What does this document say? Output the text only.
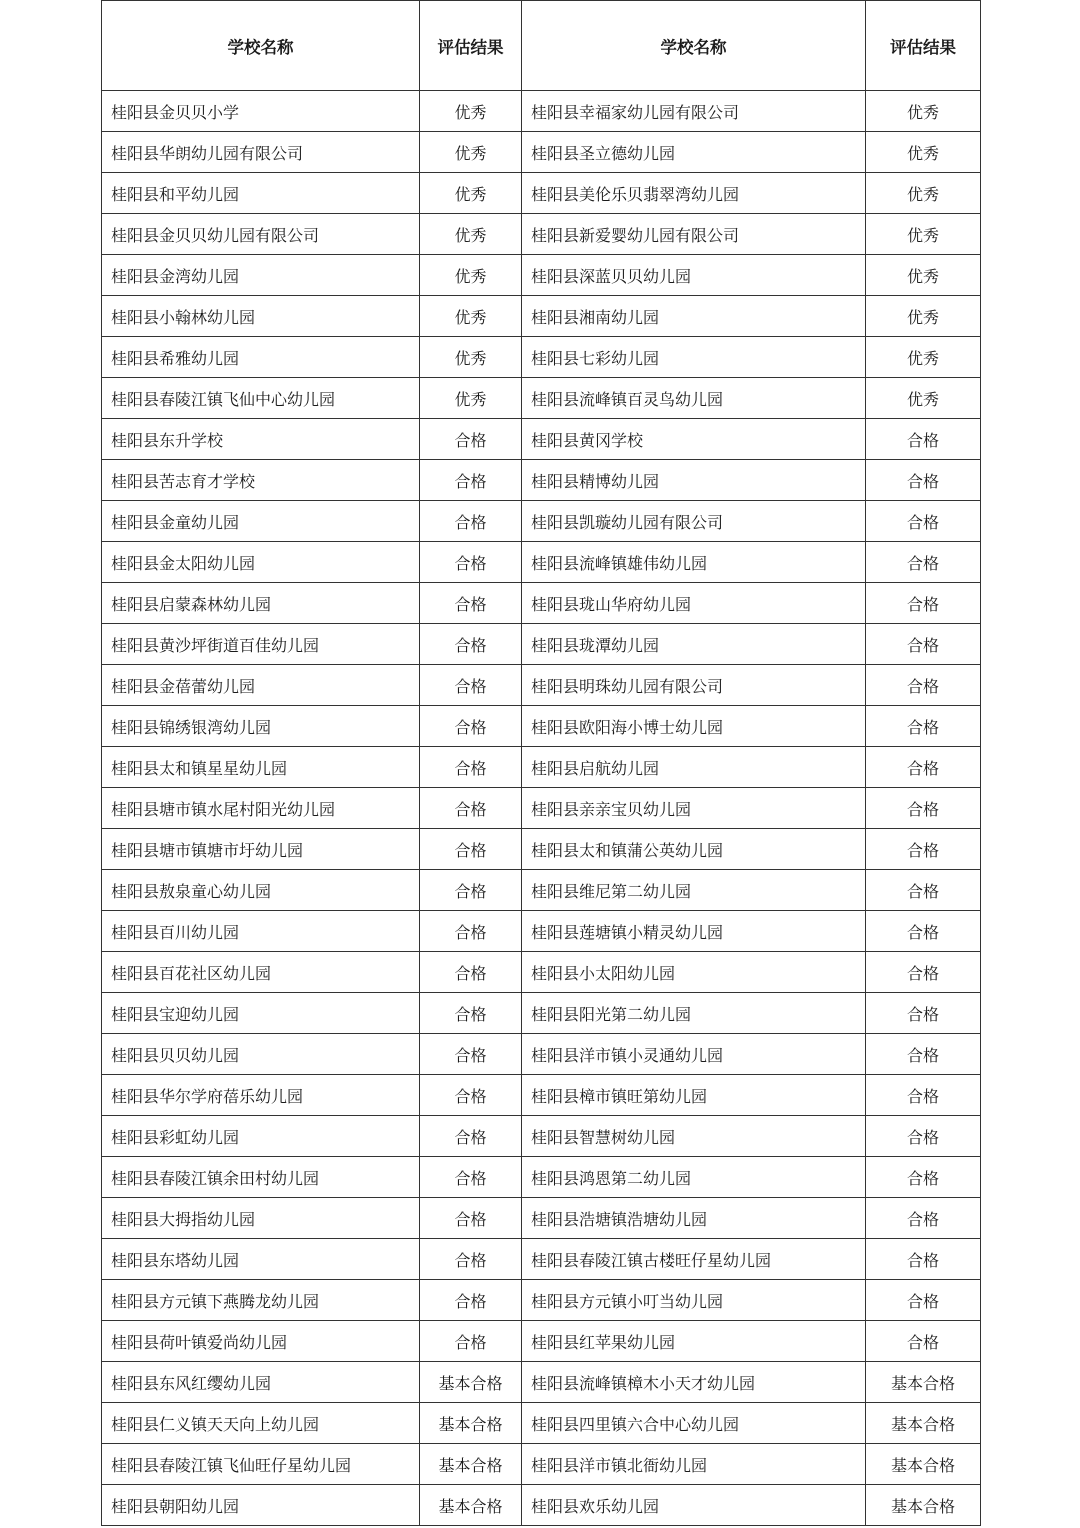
学校名称	评估结果	学校名称	评估结果
桂阳县金贝贝小学	优秀	桂阳县幸福家幼儿园有限公司	优秀
桂阳县华朗幼儿园有限公司	优秀	桂阳县圣立德幼儿园	优秀
桂阳县和平幼儿园	优秀	桂阳县美伦乐贝翡翠湾幼儿园	优秀
桂阳县金贝贝幼儿园有限公司	优秀	桂阳县新爱婴幼儿园有限公司	优秀
桂阳县金湾幼儿园	优秀	桂阳县深蓝贝贝幼儿园	优秀
桂阳县小翰林幼儿园	优秀	桂阳县湘南幼儿园	优秀
桂阳县希雅幼儿园	优秀	桂阳县七彩幼儿园	优秀
桂阳县春陵江镇飞仙中心幼儿园	优秀	桂阳县流峰镇百灵鸟幼儿园	优秀
桂阳县东升学校	合格	桂阳县黄冈学校	合格
桂阳县苦志育才学校	合格	桂阳县精博幼儿园	合格
桂阳县金童幼儿园	合格	桂阳县凯璇幼儿园有限公司	合格
桂阳县金太阳幼儿园	合格	桂阳县流峰镇雄伟幼儿园	合格
桂阳县启蒙森林幼儿园	合格	桂阳县珑山华府幼儿园	合格
桂阳县黄沙坪街道百佳幼儿园	合格	桂阳县珑潭幼儿园	合格
桂阳县金蓓蕾幼儿园	合格	桂阳县明珠幼儿园有限公司	合格
桂阳县锦绣银湾幼儿园	合格	桂阳县欧阳海小博士幼儿园	合格
桂阳县太和镇星星幼儿园	合格	桂阳县启航幼儿园	合格
桂阳县塘市镇水尾村阳光幼儿园	合格	桂阳县亲亲宝贝幼儿园	合格
桂阳县塘市镇塘市圩幼儿园	合格	桂阳县太和镇蒲公英幼儿园	合格
桂阳县敖泉童心幼儿园	合格	桂阳县维尼第二幼儿园	合格
桂阳县百川幼儿园	合格	桂阳县莲塘镇小精灵幼儿园	合格
桂阳县百花社区幼儿园	合格	桂阳县小太阳幼儿园	合格
桂阳县宝迎幼儿园	合格	桂阳县阳光第二幼儿园	合格
桂阳县贝贝幼儿园	合格	桂阳县洋市镇小灵通幼儿园	合格
桂阳县华尔学府蓓乐幼儿园	合格	桂阳县樟市镇旺第幼儿园	合格
桂阳县彩虹幼儿园	合格	桂阳县智慧树幼儿园	合格
桂阳县春陵江镇余田村幼儿园	合格	桂阳县鸿恩第二幼儿园	合格
桂阳县大拇指幼儿园	合格	桂阳县浩塘镇浩塘幼儿园	合格
桂阳县东塔幼儿园	合格	桂阳县春陵江镇古楼旺仔星幼儿园	合格
桂阳县方元镇下燕腾龙幼儿园	合格	桂阳县方元镇小叮当幼儿园	合格
桂阳县荷叶镇爱尚幼儿园	合格	桂阳县红苹果幼儿园	合格
桂阳县东风红缨幼儿园	基本合格	桂阳县流峰镇樟木小天才幼儿园	基本合格
桂阳县仁义镇天天向上幼儿园	基本合格	桂阳县四里镇六合中心幼儿园	基本合格
桂阳县春陵江镇飞仙旺仔星幼儿园	基本合格	桂阳县洋市镇北衙幼儿园	基本合格
桂阳县朝阳幼儿园	基本合格	桂阳县欢乐幼儿园	基本合格
